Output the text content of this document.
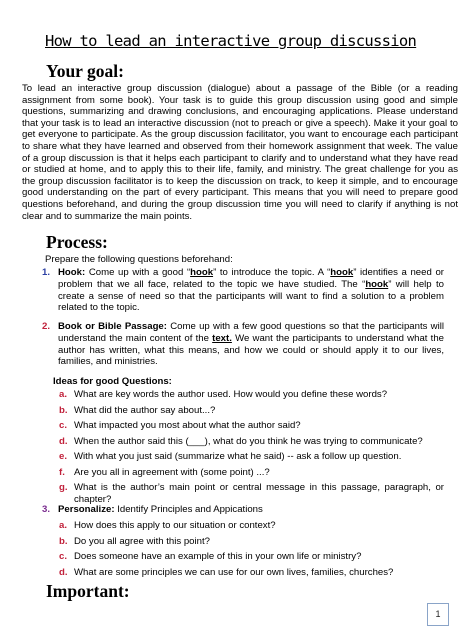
How to lead an interactive group discussion
Your goal:

To lead an interactive group discussion (dialogue) about a passage of the Bible (or a reading assignment from some book). Your task is to guide this group discussion using good and simple questions, summarizing and drawing conclusions, and encouraging applications. Please understand that your task is to lead an interactive discussion (not to preach or give a speech). Make it your goal to get everyone to participate. As the group discussion facilitator, you want to encourage each participant to share what they have learned and observed from their homework assignment that week. The value of a group discussion is that it helps each participant to clarify and to understand what they have read or studied at home, and to apply this to their life, family, and ministry. The great challenge for you as the group discussion facilitator is to keep the discussion on track, to keep it simple, and to encourage good understanding on the part of every participant. This means that you will need to prepare good questions beforehand, and during the group discussion time you will need to clarify if anything is not clear and to summarize the main points.

Process:
Prepare the following questions beforehand:
1. Hook: Come up with a good “hook” to introduce the topic. A “hook” identifies a need or problem that we all face, related to the topic we have studied. The “hook” will help to create a sense of need so that the participants will want to find a solution to a problem related to the topic.
2. Book or Bible Passage: Come up with a few good questions so that the participants will understand the main content of the text. We want the participants to understand what the author has written, what this means, and how we could or should apply it to our lives, families, and ministries.
Ideas for good Questions:
a. What are key words the author used. How would you define these words?
b. What did the author say about...?
c. What impacted you most about what the author said?
d. When the author said this (___), what do you think he was trying to communicate?
e. With what you just said (summarize what he said) -- ask a follow up question.
f. Are you all in agreement with (some point) ...?
g. What is the author’s main point or central message in this passage, paragraph, or chapter?
3. Personalize: Identify Principles and Appications
a. How does this apply to our situation or context?
b. Do you all agree with this point?
c. Does someone have an example of this in your own life or ministry?
d. What are some principles we can use for our own lives, families, churches?
Important:
1
